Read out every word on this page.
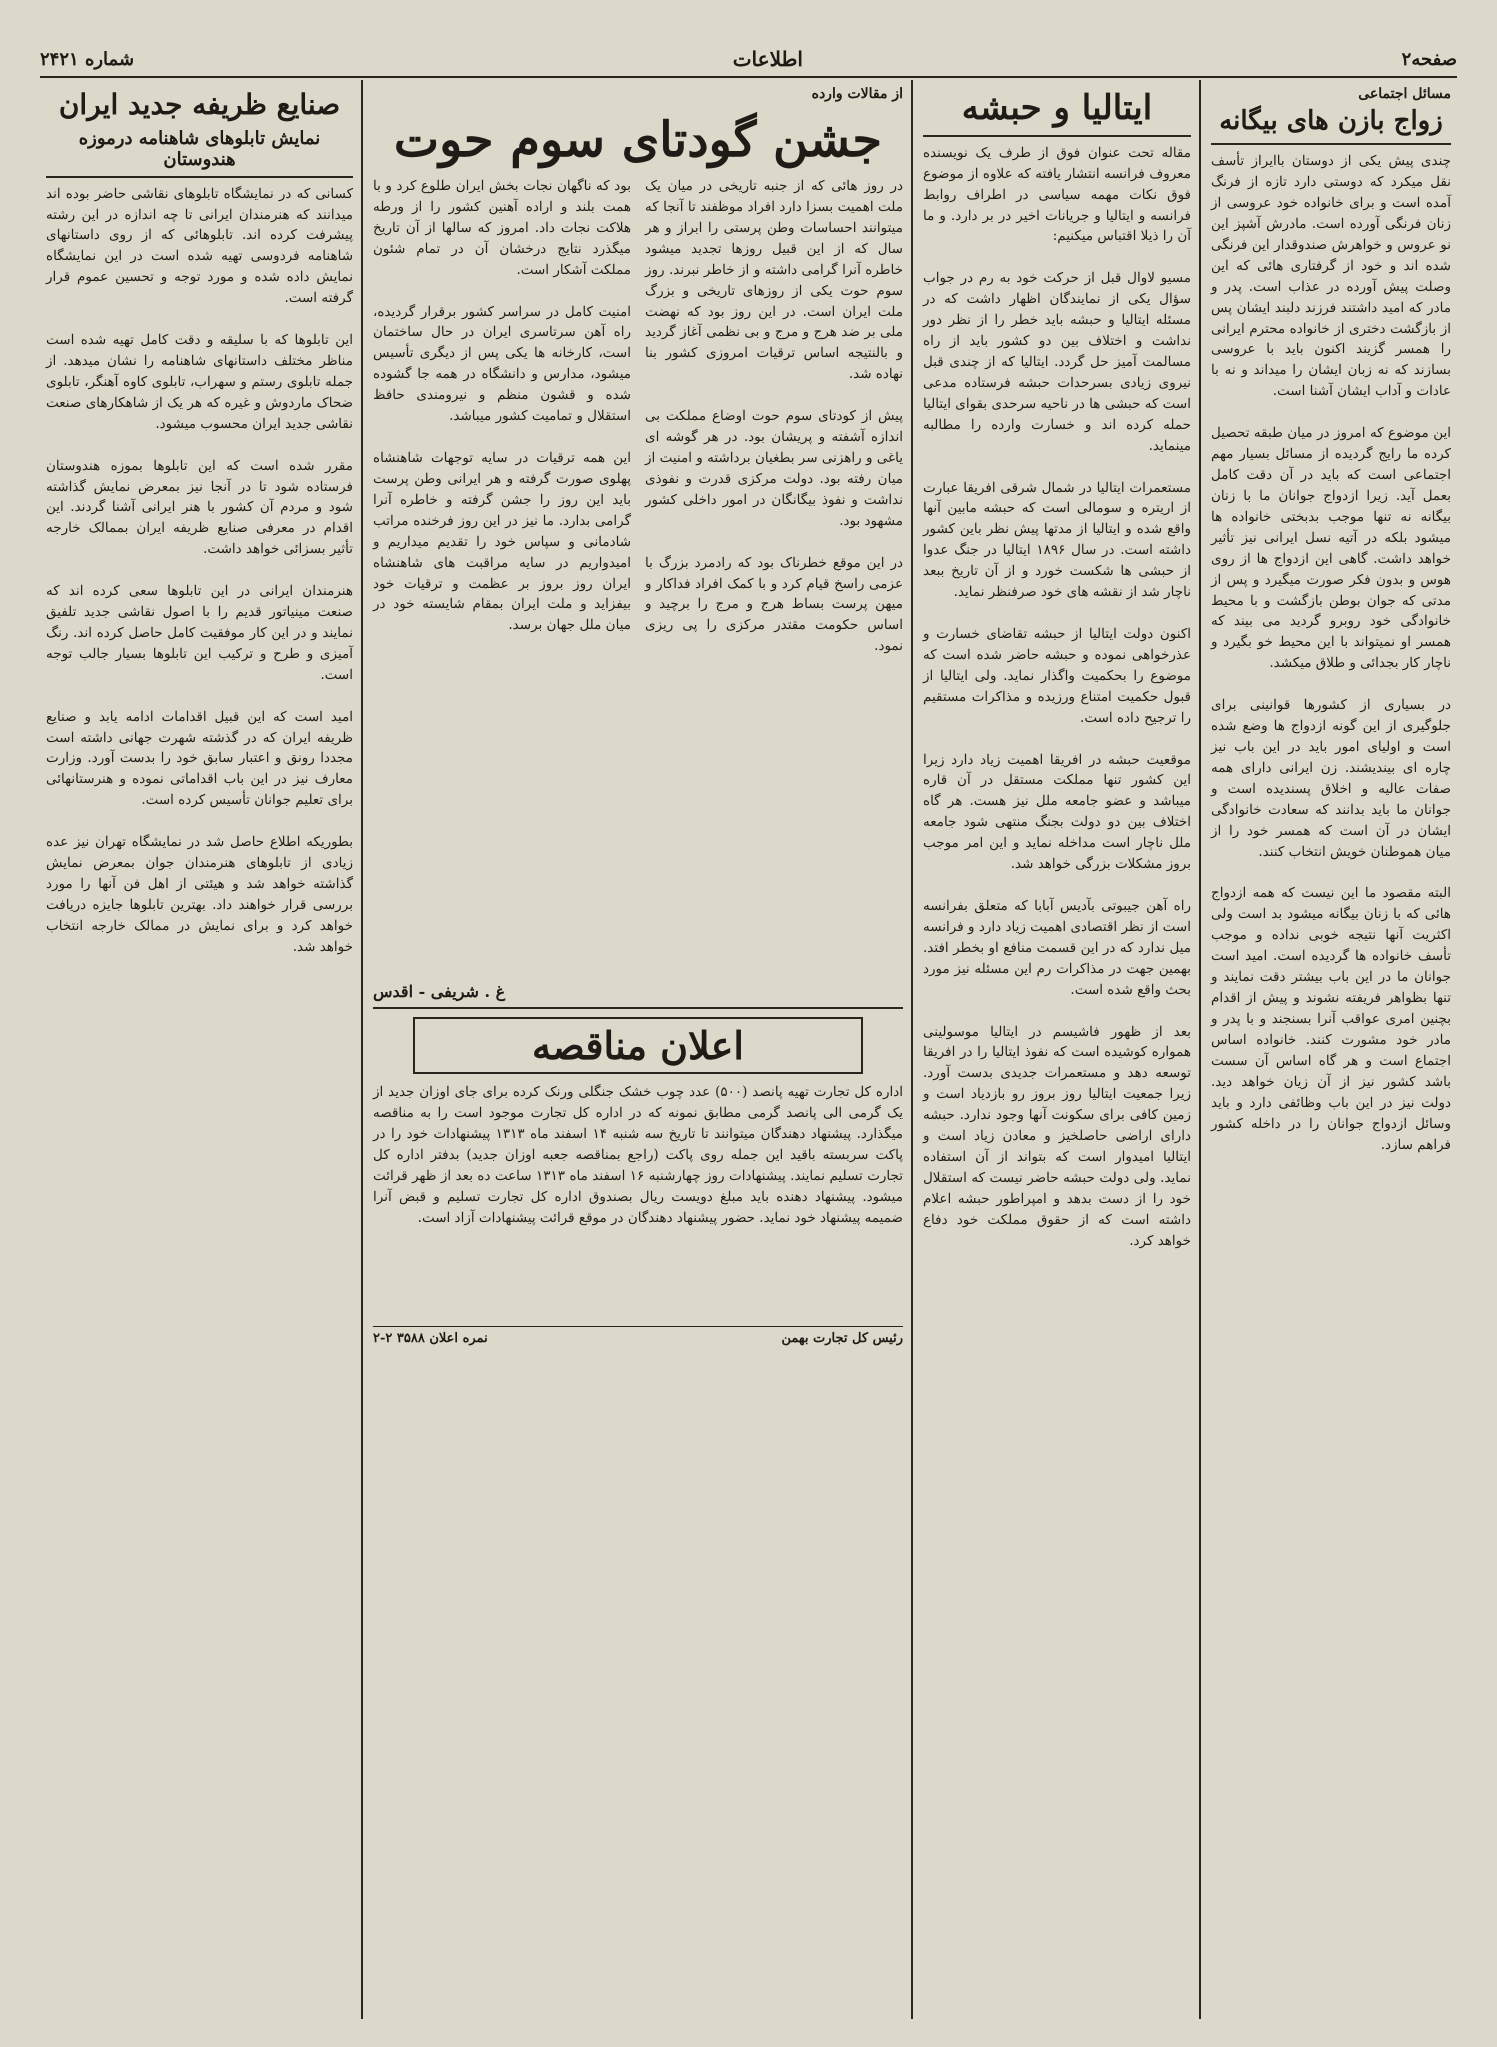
صفحه۲
اطلاعات
شماره ۲۴۲۱
مسائل اجتماعی
زواج بازن های بیگانه
چندی پیش یکی از دوستان باایراز تأسف نقل میکرد که دوستی دارد تازه از فرنگ آمده است و برای خانواده خود عروسی از زنان فرنگی آورده است. مادرش آشپز این نو عروس و خواهرش صندوقدار این فرنگی شده اند و خود از گرفتاری هائی که این وصلت پیش آورده در عذاب است. پدر و مادر که امید داشتند فرزند دلبند ایشان پس از بازگشت دختری از خانواده محترم ایرانی را همسر گزیند اکنون باید با عروسی بسازند که نه زبان ایشان را میداند و نه با عادات و آداب ایشان آشنا است.

این موضوع که امروز در میان طبقه تحصیل کرده ما رایج گردیده از مسائل بسیار مهم اجتماعی است که باید در آن دقت کامل بعمل آید. زیرا ازدواج جوانان ما با زنان بیگانه نه تنها موجب بدبختی خانواده ها میشود بلکه در آتیه نسل ایرانی نیز تأثیر خواهد داشت. گاهی این ازدواج ها از روی هوس و بدون فکر صورت میگیرد و پس از مدتی که جوان بوطن بازگشت و با محیط خانوادگی خود روبرو گردید می بیند که همسر او نمیتواند با این محیط خو بگیرد و ناچار کار بجدائی و طلاق میکشد.

در بسیاری از کشورها قوانینی برای جلوگیری از این گونه ازدواج ها وضع شده است و اولیای امور باید در این باب نیز چاره ای بیندیشند. زن ایرانی دارای همه صفات عالیه و اخلاق پسندیده است و جوانان ما باید بدانند که سعادت خانوادگی ایشان در آن است که همسر خود را از میان هموطنان خویش انتخاب کنند.

البته مقصود ما این نیست که همه ازدواج هائی که با زنان بیگانه میشود بد است ولی اکثریت آنها نتیجه خوبی نداده و موجب تأسف خانواده ها گردیده است. امید است جوانان ما در این باب بیشتر دقت نمایند و تنها بظواهر فریفته نشوند و پیش از اقدام بچنین امری عواقب آنرا بسنجند و با پدر و مادر خود مشورت کنند. خانواده اساس اجتماع است و هر گاه اساس آن سست باشد کشور نیز از آن زیان خواهد دید. دولت نیز در این باب وظائفی دارد و باید وسائل ازدواج جوانان را در داخله کشور فراهم سازد.
ایتالیا و حبشه
مقاله تحت عنوان فوق از طرف یک نویسنده معروف فرانسه انتشار یافته که علاوه از موضوع فوق نکات مهمه سیاسی در اطراف روابط فرانسه و ایتالیا و جریانات اخیر در بر دارد. و ما آن را ذیلا اقتباس میکنیم:

مسیو لاوال قبل از حرکت خود به رم در جواب سؤال یکی از نمایندگان اظهار داشت که در مسئله ایتالیا و حبشه باید خطر را از نظر دور نداشت و اختلاف بین دو کشور باید از راه مسالمت آمیز حل گردد. ایتالیا که از چندی قبل نیروی زیادی بسرحدات حبشه فرستاده مدعی است که حبشی ها در ناحیه سرحدی بقوای ایتالیا حمله کرده اند و خسارت وارده را مطالبه مینماید.

مستعمرات ایتالیا در شمال شرقی افریقا عبارت از اریتره و سومالی است که حبشه مابین آنها واقع شده و ایتالیا از مدتها پیش نظر باین کشور داشته است. در سال ۱۸۹۶ ایتالیا در جنگ عدوا از حبشی ها شکست خورد و از آن تاریخ ببعد ناچار شد از نقشه های خود صرفنظر نماید.

اکنون دولت ایتالیا از حبشه تقاضای خسارت و عذرخواهی نموده و حبشه حاضر شده است که موضوع را بحکمیت واگذار نماید. ولی ایتالیا از قبول حکمیت امتناع ورزیده و مذاکرات مستقیم را ترجیح داده است.

موقعیت حبشه در افریقا اهمیت زیاد دارد زیرا این کشور تنها مملکت مستقل در آن قاره میباشد و عضو جامعه ملل نیز هست. هر گاه اختلاف بین دو دولت بجنگ منتهی شود جامعه ملل ناچار است مداخله نماید و این امر موجب بروز مشکلات بزرگی خواهد شد.

راه آهن جیبوتی بآدیس آبابا که متعلق بفرانسه است از نظر اقتصادی اهمیت زیاد دارد و فرانسه میل ندارد که در این قسمت منافع او بخطر افتد. بهمین جهت در مذاکرات رم این مسئله نیز مورد بحث واقع شده است.

بعد از ظهور فاشیسم در ایتالیا موسولینی همواره کوشیده است که نفوذ ایتالیا را در افریقا توسعه دهد و مستعمرات جدیدی بدست آورد. زیرا جمعیت ایتالیا روز بروز رو بازدیاد است و زمین کافی برای سکونت آنها وجود ندارد. حبشه دارای اراضی حاصلخیز و معادن زیاد است و ایتالیا امیدوار است که بتواند از آن استفاده نماید. ولی دولت حبشه حاضر نیست که استقلال خود را از دست بدهد و امپراطور حبشه اعلام داشته است که از حقوق مملکت خود دفاع خواهد کرد.
از مقالات وارده
جشن گودتای سوم حوت
در روز هائی که از جنبه تاریخی در میان یک ملت اهمیت بسزا دارد افراد موظفند تا آنجا که میتوانند احساسات وطن پرستی را ابراز و هر سال که از این قبیل روزها تجدید میشود خاطره آنرا گرامی داشته و از خاطر نبرند. روز سوم حوت یکی از روزهای تاریخی و بزرگ ملت ایران است. در این روز بود که نهضت ملی بر ضد هرج و مرج و بی نظمی آغاز گردید و بالنتیجه اساس ترقیات امروزی کشور بنا نهاده شد.

پیش از کودتای سوم حوت اوضاع مملکت بی اندازه آشفته و پریشان بود. در هر گوشه ای یاغی و راهزنی سر بطغیان برداشته و امنیت از میان رفته بود. دولت مرکزی قدرت و نفوذی نداشت و نفوذ بیگانگان در امور داخلی کشور مشهود بود.

در این موقع خطرناک بود که رادمرد بزرگ با عزمی راسخ قیام کرد و با کمک افراد فداکار و میهن پرست بساط هرج و مرج را برچید و اساس حکومت مقتدر مرکزی را پی ریزی نمود.
بود که ناگهان نجات بخش ایران طلوع کرد و با همت بلند و اراده آهنین کشور را از ورطه هلاکت نجات داد. امروز که سالها از آن تاریخ میگذرد نتایج درخشان آن در تمام شئون مملکت آشکار است.

امنیت کامل در سراسر کشور برقرار گردیده، راه آهن سرتاسری ایران در حال ساختمان است، کارخانه ها یکی پس از دیگری تأسیس میشود، مدارس و دانشگاه در همه جا گشوده شده و قشون منظم و نیرومندی حافظ استقلال و تمامیت کشور میباشد.

این همه ترقیات در سایه توجهات شاهنشاه پهلوی صورت گرفته و هر ایرانی وطن پرست باید این روز را جشن گرفته و خاطره آنرا گرامی بدارد. ما نیز در این روز فرخنده مراتب شادمانی و سپاس خود را تقدیم میداریم و امیدواریم در سایه مراقبت های شاهنشاه ایران روز بروز بر عظمت و ترقیات خود بیفزاید و ملت ایران بمقام شایسته خود در میان ملل جهان برسد.
غ . شریفی - اقدس
اعلان مناقصه
اداره کل تجارت تهیه پانصد (۵۰۰) عدد چوب خشک جنگلی ورنک کرده برای جای اوزان جدید از یک گرمی الی پانصد گرمی مطابق نمونه که در اداره کل تجارت موجود است را به مناقصه میگذارد. پیشنهاد دهندگان میتوانند تا تاریخ سه شنبه ۱۴ اسفند ماه ۱۳۱۳ پیشنهادات خود را در پاکت سربسته باقید این جمله روی پاکت (راجع بمناقصه جعبه اوزان جدید) بدفتر اداره کل تجارت تسلیم نمایند. پیشنهادات روز چهارشنبه ۱۶ اسفند ماه ۱۳۱۳ ساعت ده بعد از ظهر قرائت میشود. پیشنهاد دهنده باید مبلغ دویست ریال بصندوق اداره کل تجارت تسلیم و قبض آنرا ضمیمه پیشنهاد خود نماید. حضور پیشنهاد دهندگان در موقع قرائت پیشنهادات آزاد است.
رئیس کل تجارت بهمن
نمره اعلان ۳۵۸۸ ۲-۲
صنایع ظریفه جدید ایران
نمایش تابلوهای شاهنامه درموزه هندوستان
کسانی که در نمایشگاه تابلوهای نقاشی حاضر بوده اند میدانند که هنرمندان ایرانی تا چه اندازه در این رشته پیشرفت کرده اند. تابلوهائی که از روی داستانهای شاهنامه فردوسی تهیه شده است در این نمایشگاه نمایش داده شده و مورد توجه و تحسین عموم قرار گرفته است.

این تابلوها که با سلیقه و دقت کامل تهیه شده است مناظر مختلف داستانهای شاهنامه را نشان میدهد. از جمله تابلوی رستم و سهراب، تابلوی کاوه آهنگر، تابلوی ضحاک ماردوش و غیره که هر یک از شاهکارهای صنعت نقاشی جدید ایران محسوب میشود.

مقرر شده است که این تابلوها بموزه هندوستان فرستاده شود تا در آنجا نیز بمعرض نمایش گذاشته شود و مردم آن کشور با هنر ایرانی آشنا گردند. این اقدام در معرفی صنایع ظریفه ایران بممالک خارجه تأثیر بسزائی خواهد داشت.

هنرمندان ایرانی در این تابلوها سعی کرده اند که صنعت مینیاتور قدیم را با اصول نقاشی جدید تلفیق نمایند و در این کار موفقیت کامل حاصل کرده اند. رنگ آمیزی و طرح و ترکیب این تابلوها بسیار جالب توجه است.

امید است که این قبیل اقدامات ادامه یابد و صنایع ظریفه ایران که در گذشته شهرت جهانی داشته است مجددا رونق و اعتبار سابق خود را بدست آورد. وزارت معارف نیز در این باب اقداماتی نموده و هنرستانهائی برای تعلیم جوانان تأسیس کرده است.

بطوریکه اطلاع حاصل شد در نمایشگاه تهران نیز عده زیادی از تابلوهای هنرمندان جوان بمعرض نمایش گذاشته خواهد شد و هیئتی از اهل فن آنها را مورد بررسی قرار خواهند داد. بهترین تابلوها جایزه دریافت خواهد کرد و برای نمایش در ممالک خارجه انتخاب خواهد شد.
